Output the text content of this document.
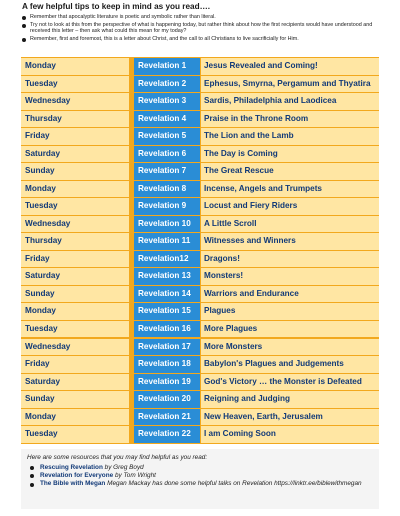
A few helpful tips to keep in mind as you read….
Remember that apocalyptic literature is poetic and symbolic rather than literal.
Try not to look at this from the perspective of what is happening today, but rather think about how the first recipients would have understood and received this letter – then ask what could this mean for my today?
Remember, first and foremost, this is a letter about Christ, and the call to all Christians to live sacrificially for Him.
Monday	Revelation 1	Jesus Revealed and Coming!
Tuesday	Revelation 2	Ephesus, Smyrna, Pergamum and Thyatira
Wednesday	Revelation 3	Sardis, Philadelphia and Laodicea
Thursday	Revelation 4	Praise in the Throne Room
Friday	Revelation 5	The Lion and the Lamb
Saturday	Revelation 6	The Day is Coming
Sunday	Revelation 7	The Great Rescue
Monday	Revelation 8	Incense, Angels and Trumpets
Tuesday	Revelation 9	Locust and Fiery Riders
Wednesday	Revelation 10	A Little Scroll
Thursday	Revelation 11	Witnesses and Winners
Friday	Revelation12	Dragons!
Saturday	Revelation 13	Monsters!
Sunday	Revelation 14	Warriors and Endurance
Monday	Revelation 15	Plagues
Tuesday	Revelation 16	More Plagues
Wednesday	Revelation 17	More Monsters
Friday	Revelation 18	Babylon's Plagues and Judgements
Saturday	Revelation 19	God's Victory … the Monster is Defeated
Sunday	Revelation 20	Reigning and Judging
Monday	Revelation 21	New Heaven, Earth, Jerusalem
Tuesday	Revelation 22	I am Coming Soon
Here are some resources that you may find helpful as you read:
Rescuing Revelation by Greg Boyd
Revelation for Everyone by Tom Wright
The Bible with Megan Megan Mackay has done some helpful talks on Revelation https://linktr.ee/biblewithmegan
